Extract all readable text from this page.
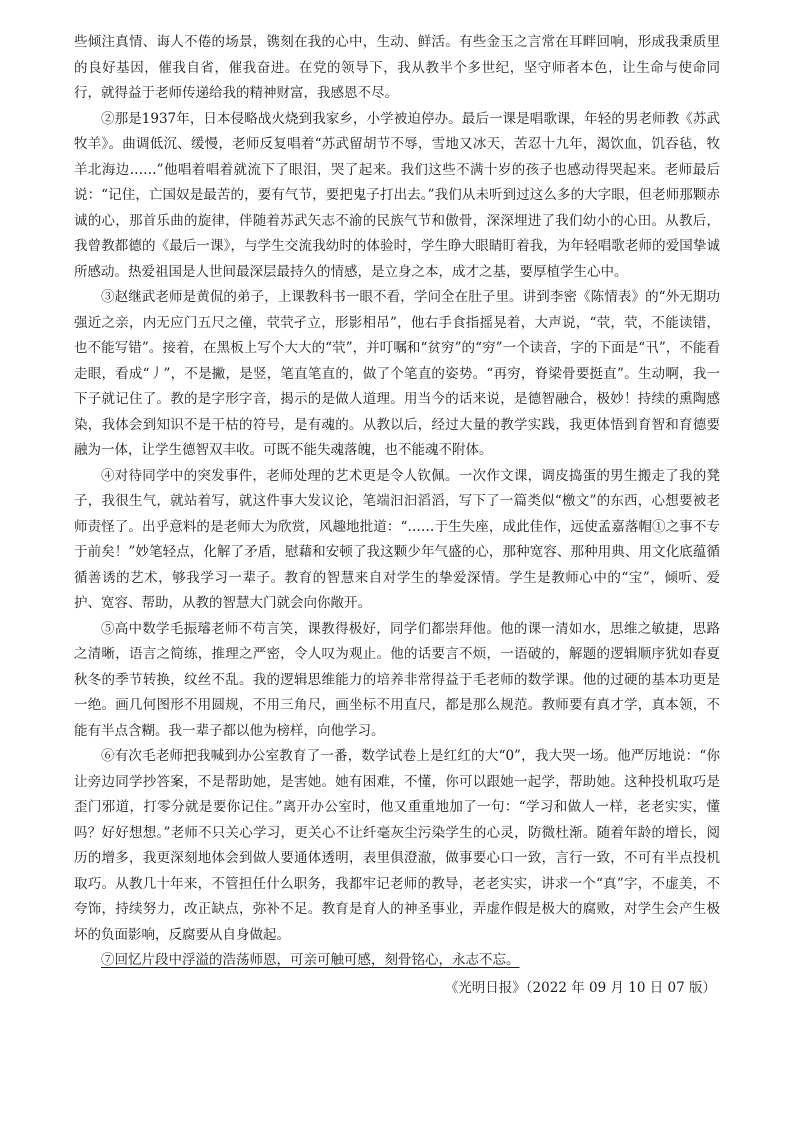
些倾注真情、诲人不倦的场景，镌刻在我的心中，生动、鲜活。有些金玉之言常在耳畔回响，形成我秉质里的良好基因，催我自省，催我奋进。在党的领导下，我从教半个多世纪，坚守师者本色，让生命与使命同行，就得益于老师传递给我的精神财富，我感恩不尽。

②那是1937年，日本侵略战火烧到我家乡，小学被迫停办。最后一课是唱歌课，年轻的男老师教《苏武牧羊》。曲调低沉、缓慢，老师反复唱着“苏武留胡节不辱，雪地又冰天，苦忍十九年，渴饮血，饥吞毡，牧羊北海边……”他唱着唱着就流下了眼泪，哭了起来。我们这些不满十岁的孩子也感动得哭起来。老师最后说：“记住，亡国奴是最苦的，要有气节，要把鬼子打出去。”我们从未听到过这么多的大字眼，但老师那颗赤诚的心，那首乐曲的旋律，伴随着苏武矢志不渝的民族气节和傲骨，深深埋进了我们幼小的心田。从教后，我曾教都德的《最后一课》，与学生交流我幼时的体验时，学生睁大眼睛盯着我，为年轻唱歌老师的爱国挚诚所感动。热爱祖国是人世间最深层最持久的情感，是立身之本，成才之基，要厚植学生心中。

③赵继武老师是黄侃的弟子，上课教科书一眼不看，学问全在肚子里。讲到李密《陈情表》的“外无期功强近之亲，内无应门五尺之僮，茕茕孑立，形影相吊”，他右手食指摇晃着，大声说，“茕，茕，不能读错，也不能写错”。接着，在黑板上写个大大的“茕”，并叮嘱和“贫穷”的“穷”一个读音，字的下面是“卂”，不能看走眼，看成“丿”，不是撇，是竖，笔直笔直的，做了个笔直的姿势。“再穷，脊梁骨要挺直”。生动啊，我一下子就记住了。教的是字形字音，揭示的是做人道理。用当今的话来说，是德智融合，极妙！持续的熏陶感染，我体会到知识不是干枯的符号，是有魂的。从教以后，经过大量的教学实践，我更体悟到育智和育德要融为一体，让学生德智双丰收。可既不能失魂落魄，也不能魂不附体。

④对待同学中的突发事件，老师处理的艺术更是令人钦佩。一次作文课，调皮捣蛋的男生搬走了我的凳子，我很生气，就站着写，就这件事大发议论，笔端汩汩滔滔，写下了一篇类似“檄文”的东西，心想要被老师责怪了。出乎意料的是老师大为欣赏，风趣地批道：“……于生失座，成此佳作，远使孟嘉落帽①之事不专于前矣！”妙笔轻点，化解了矛盾，慰藉和安顿了我这颗少年气盛的心，那种宽容、那种用典、用文化底蕴循循善诱的艺术，够我学习一辈子。教育的智慧来自对学生的挚爱深情。学生是教师心中的“宝”，倾听、爱护、宽容、帮助，从教的智慧大门就会向你敞开。

⑤高中数学毛振璿老师不苟言笑，课教得极好，同学们都崇拜他。他的课一清如水，思维之敏捷，思路之清晰，语言之简练，推理之严密，令人叹为观止。他的话要言不烦，一语破的，解题的逻辑顺序犹如春夏秋冬的季节转换，纹丝不乱。我的逻辑思维能力的培养非常得益于毛老师的数学课。他的过硬的基本功更是一绝。画几何图形不用圆规，不用三角尺，画坐标不用直尺，都是那么规范。教师要有真才学，真本领，不能有半点含糊。我一辈子都以他为榜样，向他学习。

⑥有次毛老师把我喊到办公室教育了一番，数学试卷上是红红的大“0”，我大哭一场。他严厉地说：“你让旁边同学抄答案，不是帮助她，是害她。她有困难，不懂，你可以跟她一起学，帮助她。这种投机取巧是歪门邪道，打零分就是要你记住。”离开办公室时，他又重重地加了一句：“学习和做人一样，老老实实，懂吗？好好想想。”老师不只关心学习，更关心不让纤毫灰尘污染学生的心灵，防微杜渐。随着年龄的增长，阅历的增多，我更深刻地体会到做人要通体透明，表里俱澄澈，做事要心口一致，言行一致，不可有半点投机取巧。从教几十年来，不管担任什么职务，我都牢记老师的教导，老老实实，讲求一个“真”字，不虚美，不夸饰，持续努力，改正缺点，弥补不足。教育是育人的神圣事业，弄虚作假是极大的腐败，对学生会产生极坏的负面影响，反腐要从自身做起。

⑦回忆片段中浮溢的浩荡师恩，可亲可触可感，刻骨铭心，永志不忘。

《光明日报》（2022 年 09 月 10 日 07 版）
